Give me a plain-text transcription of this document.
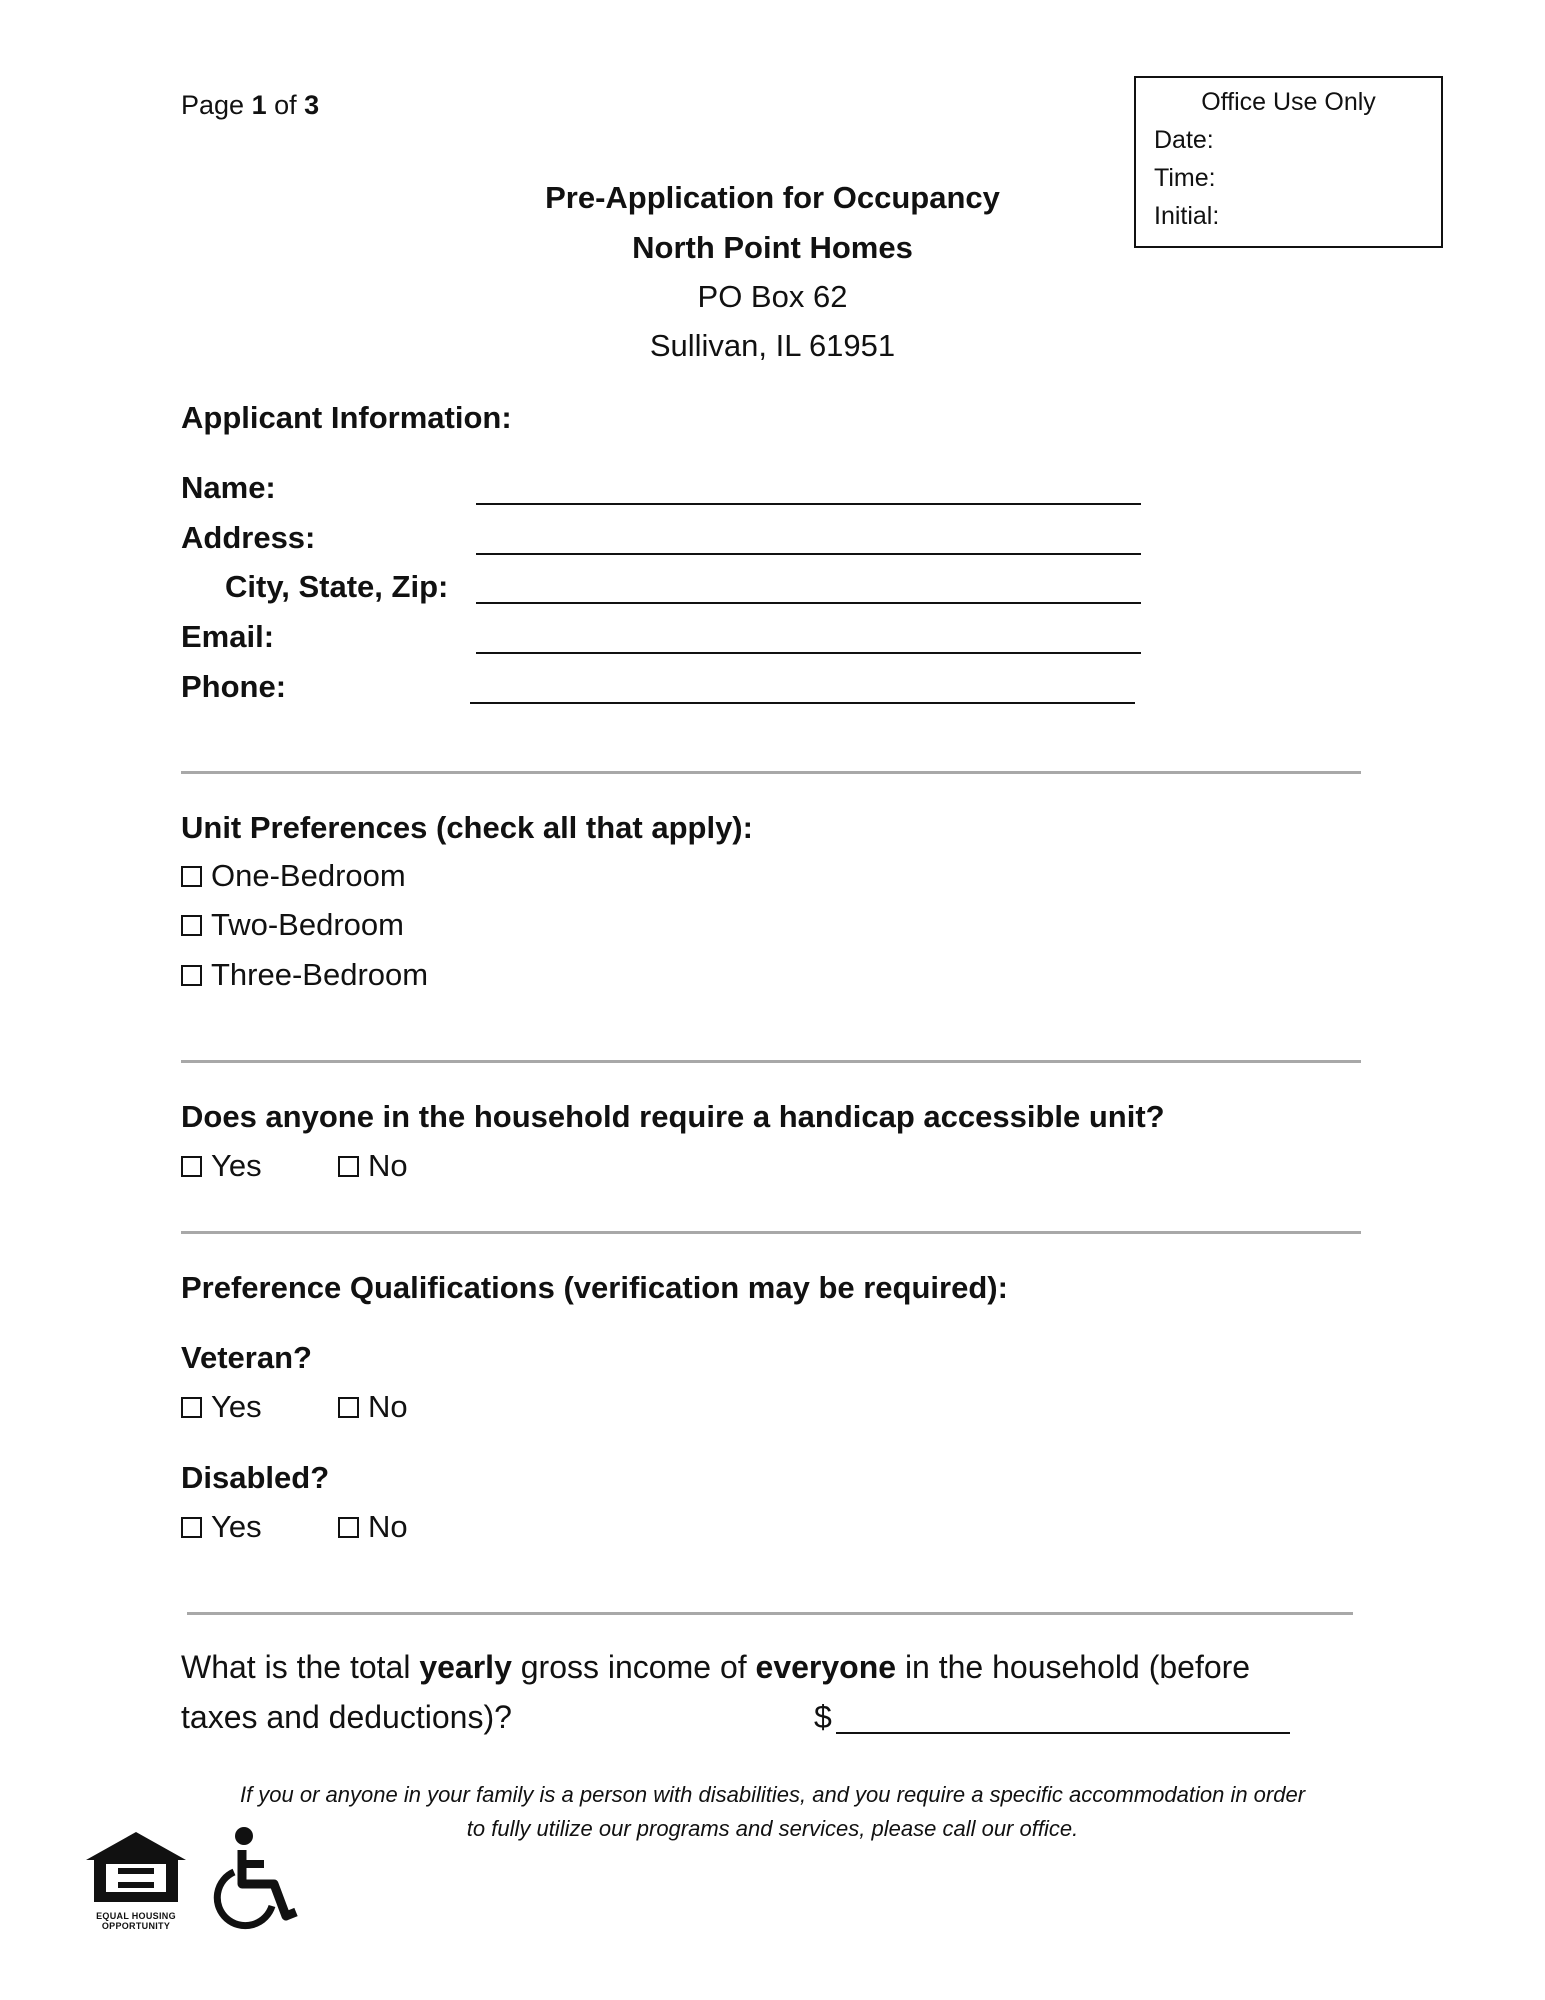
Page 1 of 3	Office Use Only
Date:
Time:
Initial:
Pre-Application for Occupancy
North Point Homes
PO Box 62
Sullivan, IL 61951
Applicant Information:
Name:
Address:
City, State, Zip:
Email:
Phone:
Unit Preferences (check all that apply):
One-Bedroom
Two-Bedroom
Three-Bedroom
Does anyone in the household require a handicap accessible unit?
Yes	No
Preference Qualifications (verification may be required):
Veteran?
Yes	No
Disabled?
Yes	No
What is the total yearly gross income of everyone in the household (before
taxes and deductions)?	$
If you or anyone in your family is a person with disabilities, and you require a specific accommodation in order
to fully utilize our programs and services, please call our office.
EQUAL HOUSING
OPPORTUNITY
